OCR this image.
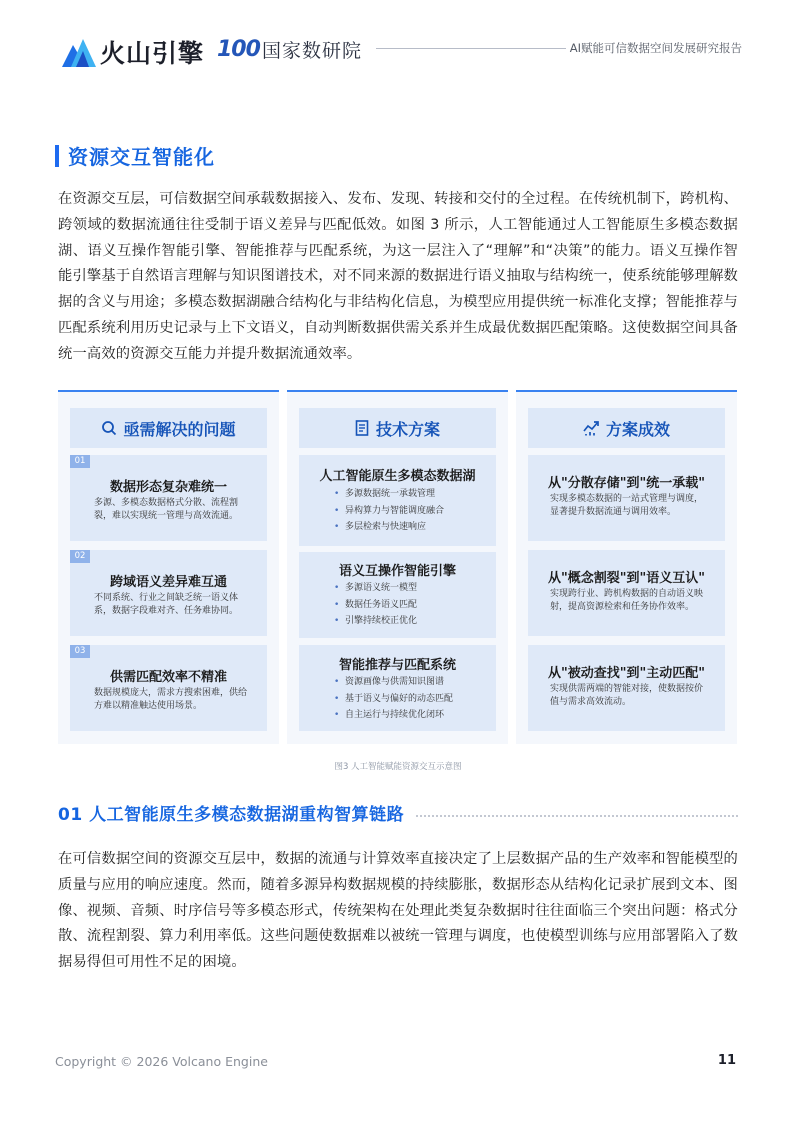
火山引擎 100 国家数研院	AI赋能可信数据空间发展研究报告
资源交互智能化

在资源交互层，可信数据空间承载数据接入、发布、发现、转接和交付的全过程。在传统机制下，跨机构、跨领域的数据流通往往受制于语义差异与匹配低效。如图 3 所示，人工智能通过人工智能原生多模态数据湖、语义互操作智能引擎、智能推荐与匹配系统，为这一层注入了“理解”和“决策”的能力。语义互操作智能引擎基于自然语言理解与知识图谱技术，对不同来源的数据进行语义抽取与结构统一，使系统能够理解数据的含义与用途；多模态数据湖融合结构化与非结构化信息，为模型应用提供统一标准化支撑；智能推荐与匹配系统利用历史记录与上下文语义，自动判断数据供需关系并生成最优数据匹配策略。这使数据空间具备统一高效的资源交互能力并提升数据流通效率。

亟需解决的问题
01
数据形态复杂难统一
多源、多模态数据格式分散、流程割裂，难以实现统一管理与高效流通。
02
跨域语义差异难互通
不同系统、行业之间缺乏统一语义体系，数据字段难对齐、任务难协同。
03
供需匹配效率不精准
数据规模庞大，需求方搜索困难，供给方难以精准触达使用场景。
技术方案
人工智能原生多模态数据湖
• 多源数据统一承载管理
• 异构算力与智能调度融合
• 多层检索与快速响应
语义互操作智能引擎
• 多源语义统一模型
• 数据任务语义匹配
• 引擎持续校正优化
智能推荐与匹配系统
• 资源画像与供需知识图谱
• 基于语义与偏好的动态匹配
• 自主运行与持续优化闭环
方案成效
从"分散存储"到"统一承载"
实现多模态数据的一站式管理与调度，显著提升数据流通与调用效率。
从"概念割裂"到"语义互认"
实现跨行业、跨机构数据的自动语义映射，提高资源检索和任务协作效率。
从"被动查找"到"主动匹配"
实现供需两端的智能对接，使数据按价值与需求高效流动。
图3 人工智能赋能资源交互示意图
01 人工智能原生多模态数据湖重构智算链路

在可信数据空间的资源交互层中，数据的流通与计算效率直接决定了上层数据产品的生产效率和智能模型的质量与应用的响应速度。然而，随着多源异构数据规模的持续膨胀，数据形态从结构化记录扩展到文本、图像、视频、音频、时序信号等多模态形式，传统架构在处理此类复杂数据时往往面临三个突出问题：格式分散、流程割裂、算力利用率低。这些问题使数据难以被统一管理与调度，也使模型训练与应用部署陷入了数据易得但可用性不足的困境。

Copyright © 2026 Volcano Engine	11
